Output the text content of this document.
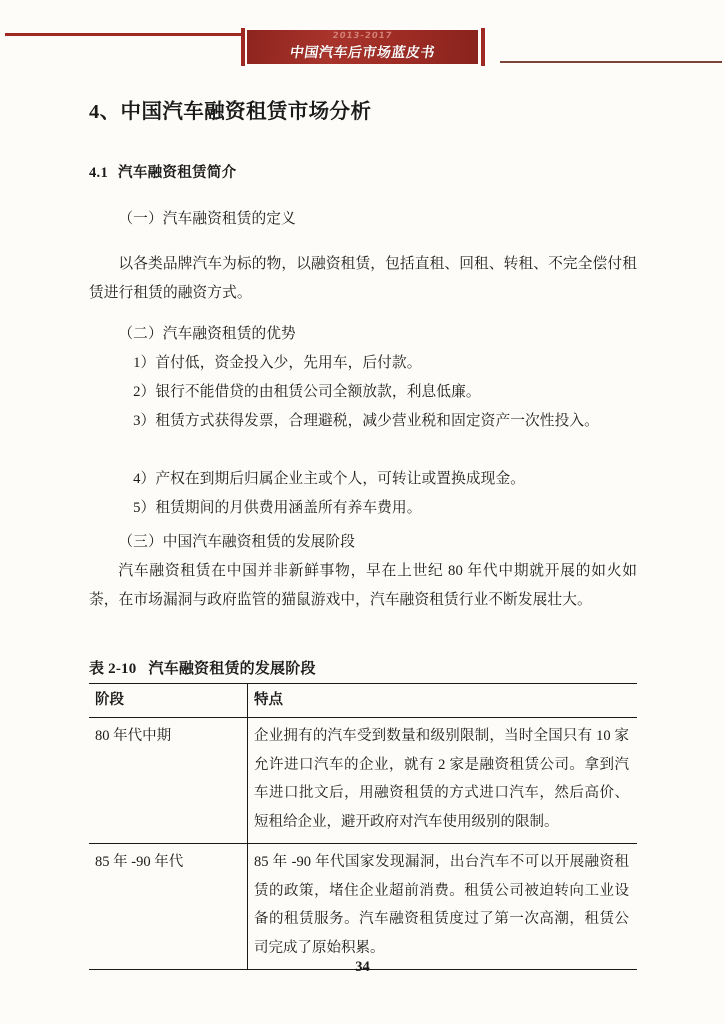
2013-2017
中国汽车后市场蓝皮书
4、中国汽车融资租赁市场分析
4.1 汽车融资租赁简介
（一）汽车融资租赁的定义
以各类品牌汽车为标的物，以融资租赁，包括直租、回租、转租、不完全偿付租赁进行租赁的融资方式。
（二）汽车融资租赁的优势
1）首付低，资金投入少，先用车，后付款。
2）银行不能借贷的由租赁公司全额放款，利息低廉。
3）租赁方式获得发票，合理避税，减少营业税和固定资产一次性投入。
4）产权在到期后归属企业主或个人，可转让或置换成现金。
5）租赁期间的月供费用涵盖所有养车费用。
（三）中国汽车融资租赁的发展阶段
汽车融资租赁在中国并非新鲜事物，早在上世纪 80 年代中期就开展的如火如荼，在市场漏洞与政府监管的猫鼠游戏中，汽车融资租赁行业不断发展壮大。
表 2-10 汽车融资租赁的发展阶段
阶段	特点
80 年代中期	企业拥有的汽车受到数量和级别限制，当时全国只有 10 家允许进口汽车的企业，就有 2 家是融资租赁公司。拿到汽车进口批文后，用融资租赁的方式进口汽车，然后高价、短租给企业，避开政府对汽车使用级别的限制。

85 年 -90 年代	85 年 -90 年代国家发现漏洞，出台汽车不可以开展融资租赁的政策，堵住企业超前消费。租赁公司被迫转向工业设备的租赁服务。汽车融资租赁度过了第一次高潮，租赁公司完成了原始积累。

34
